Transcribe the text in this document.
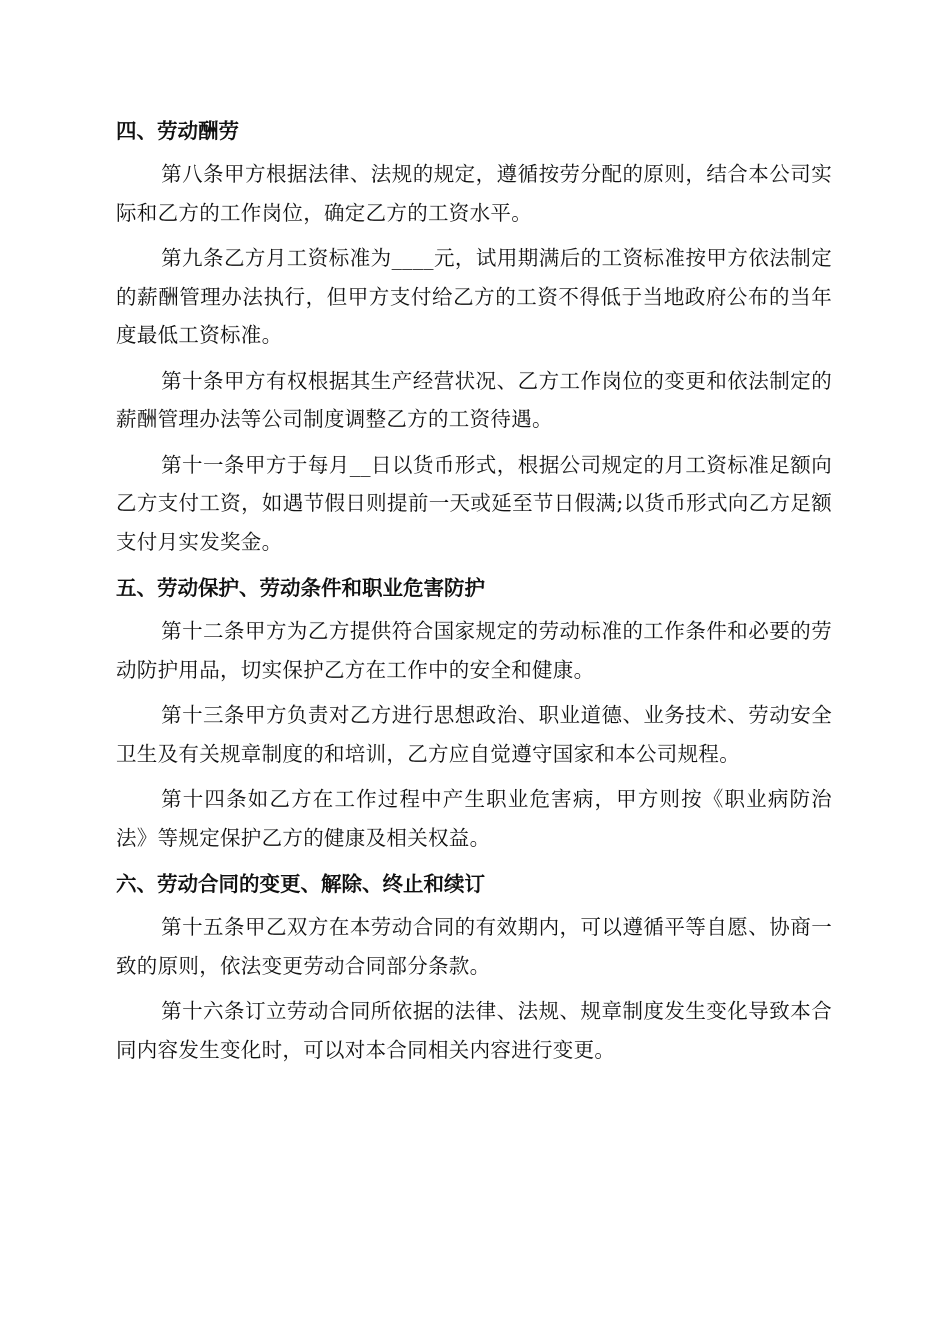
四、劳动酬劳

第八条甲方根据法律、法规的规定，遵循按劳分配的原则，结合本公司实际和乙方的工作岗位，确定乙方的工资水平。

第九条乙方月工资标准为____元，试用期满后的工资标准按甲方依法制定的薪酬管理办法执行，但甲方支付给乙方的工资不得低于当地政府公布的当年度最低工资标准。

第十条甲方有权根据其生产经营状况、乙方工作岗位的变更和依法制定的薪酬管理办法等公司制度调整乙方的工资待遇。

第十一条甲方于每月__日以货币形式，根据公司规定的月工资标准足额向乙方支付工资，如遇节假日则提前一天或延至节日假满;以货币形式向乙方足额支付月实发奖金。

五、劳动保护、劳动条件和职业危害防护

第十二条甲方为乙方提供符合国家规定的劳动标准的工作条件和必要的劳动防护用品，切实保护乙方在工作中的安全和健康。

第十三条甲方负责对乙方进行思想政治、职业道德、业务技术、劳动安全卫生及有关规章制度的和培训，乙方应自觉遵守国家和本公司规程。

第十四条如乙方在工作过程中产生职业危害病，甲方则按《职业病防治法》等规定保护乙方的健康及相关权益。

六、劳动合同的变更、解除、终止和续订

第十五条甲乙双方在本劳动合同的有效期内，可以遵循平等自愿、协商一致的原则，依法变更劳动合同部分条款。

第十六条订立劳动合同所依据的法律、法规、规章制度发生变化导致本合同内容发生变化时，可以对本合同相关内容进行变更。
